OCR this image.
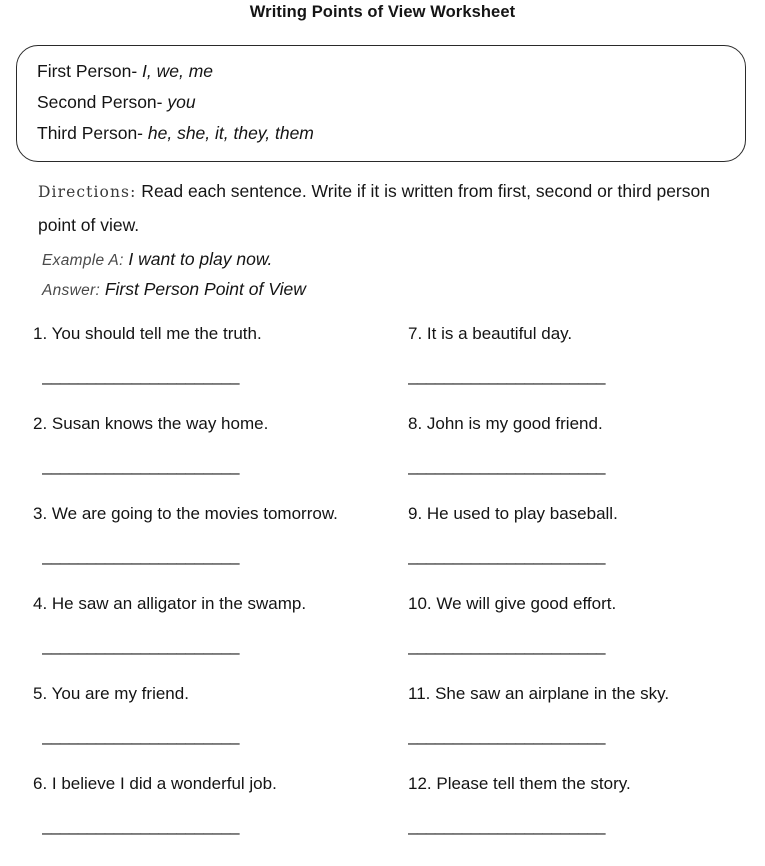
Writing Points of View Worksheet
First Person- I, we, me
Second Person- you
Third Person- he, she, it, they, them
Directions: Read each sentence. Write if it is written from first, second or third person point of view.
Example A: I want to play now.
Answer: First Person Point of View
1. You should tell me the truth.
______________________
2. Susan knows the way home.
______________________
3. We are going to the movies tomorrow.
______________________
4. He saw an alligator in the swamp.
______________________
5. You are my friend.
______________________
6. I believe I did a wonderful job.
______________________
7. It is a beautiful day.
______________________
8. John is my good friend.
______________________
9. He used to play baseball.
______________________
10. We will give good effort.
______________________
11. She saw an airplane in the sky.
______________________
12. Please tell them the story.
______________________
